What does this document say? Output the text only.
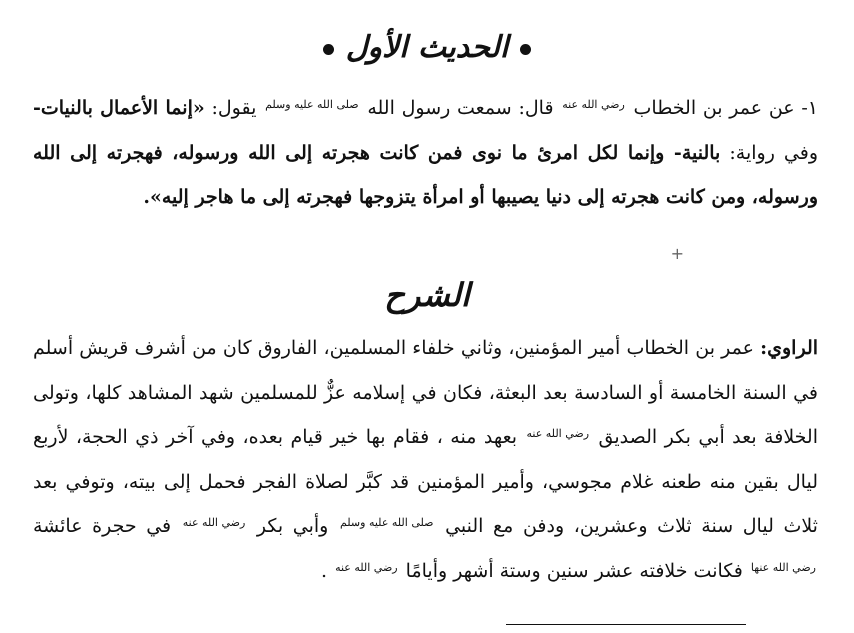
الحديث الأول
١- عن عمر بن الخطاب رضي الله عنه قال: سمعت رسول الله صلى الله عليه وسلم يقول: «إنما الأعمال بالنيات- وفي رواية: بالنية- وإنما لكل امرئ ما نوى فمن كانت هجرته إلى الله ورسوله، فهجرته إلى الله ورسوله، ومن كانت هجرته إلى دنيا يصيبها أو امرأة يتزوجها فهجرته إلى ما هاجر إليه».
+
الشرح
الراوي: عمر بن الخطاب أمير المؤمنين، وثاني خلفاء المسلمين، الفاروق كان من أشرف قريش أسلم في السنة الخامسة أو السادسة بعد البعثة، فكان في إسلامه عزٌّ للمسلمين شهد المشاهد كلها، وتولى الخلافة بعد أبي بكر الصديق رضي الله عنه بعهد منه ، فقام بها خير قيام بعده، وفي آخر ذي الحجة، لأربع ليال بقين منه طعنه غلام مجوسي، وأمير المؤمنين قد كبَّر لصلاة الفجر فحمل إلى بيته، وتوفي بعد ثلاث ليال سنة ثلاث وعشرين، ودفن مع النبي صلى الله عليه وسلم وأبي بكر رضي الله عنه في حجرة عائشة رضي الله عنها فكانت خلافته عشر سنين وستة أشهر وأيامًا رضي الله عنه .
